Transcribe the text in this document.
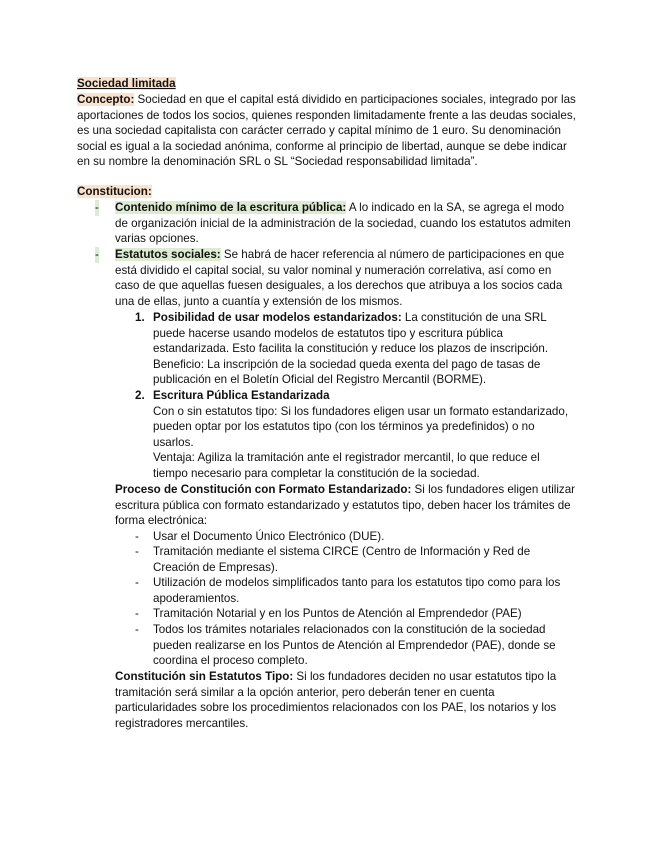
Sociedad limitada
Concepto: Sociedad en que el capital está dividido en participaciones sociales, integrado por las aportaciones de todos los socios, quienes responden limitadamente frente a las deudas sociales, es una sociedad capitalista con carácter cerrado y capital mínimo de 1 euro. Su denominación social es igual a la sociedad anónima, conforme al principio de libertad, aunque se debe indicar en su nombre la denominación SRL o SL “Sociedad responsabilidad limitada”.
Constitucion:
- Contenido mínimo de la escritura pública: A lo indicado en la SA, se agrega el modo de organización inicial de la administración de la sociedad, cuando los estatutos admiten varias opciones.
- Estatutos sociales: Se habrá de hacer referencia al número de participaciones en que está dividido el capital social, su valor nominal y numeración correlativa, así como en caso de que aquellas fuesen desiguales, a los derechos que atribuya a los socios cada una de ellas, junto a cuantía y extensión de los mismos.
1. Posibilidad de usar modelos estandarizados: La constitución de una SRL puede hacerse usando modelos de estatutos tipo y escritura pública estandarizada. Esto facilita la constitución y reduce los plazos de inscripción.

Beneficio: La inscripción de la sociedad queda exenta del pago de tasas de publicación en el Boletín Oficial del Registro Mercantil (BORME).

2. Escritura Pública Estandarizada

Con o sin estatutos tipo: Si los fundadores eligen usar un formato estandarizado, pueden optar por los estatutos tipo (con los términos ya predefinidos) o no usarlos.

Ventaja: Agiliza la tramitación ante el registrador mercantil, lo que reduce el tiempo necesario para completar la constitución de la sociedad.

Proceso de Constitución con Formato Estandarizado: Si los fundadores eligen utilizar escritura pública con formato estandarizado y estatutos tipo, deben hacer los trámites de forma electrónica:
- Usar el Documento Único Electrónico (DUE).
- Tramitación mediante el sistema CIRCE (Centro de Información y Red de Creación de Empresas).
- Utilización de modelos simplificados tanto para los estatutos tipo como para los apoderamientos.
- Tramitación Notarial y en los Puntos de Atención al Emprendedor (PAE)
- Todos los trámites notariales relacionados con la constitución de la sociedad pueden realizarse en los Puntos de Atención al Emprendedor (PAE), donde se coordina el proceso completo.
Constitución sin Estatutos Tipo: Si los fundadores deciden no usar estatutos tipo la tramitación será similar a la opción anterior, pero deberán tener en cuenta particularidades sobre los procedimientos relacionados con los PAE, los notarios y los registradores mercantiles.
